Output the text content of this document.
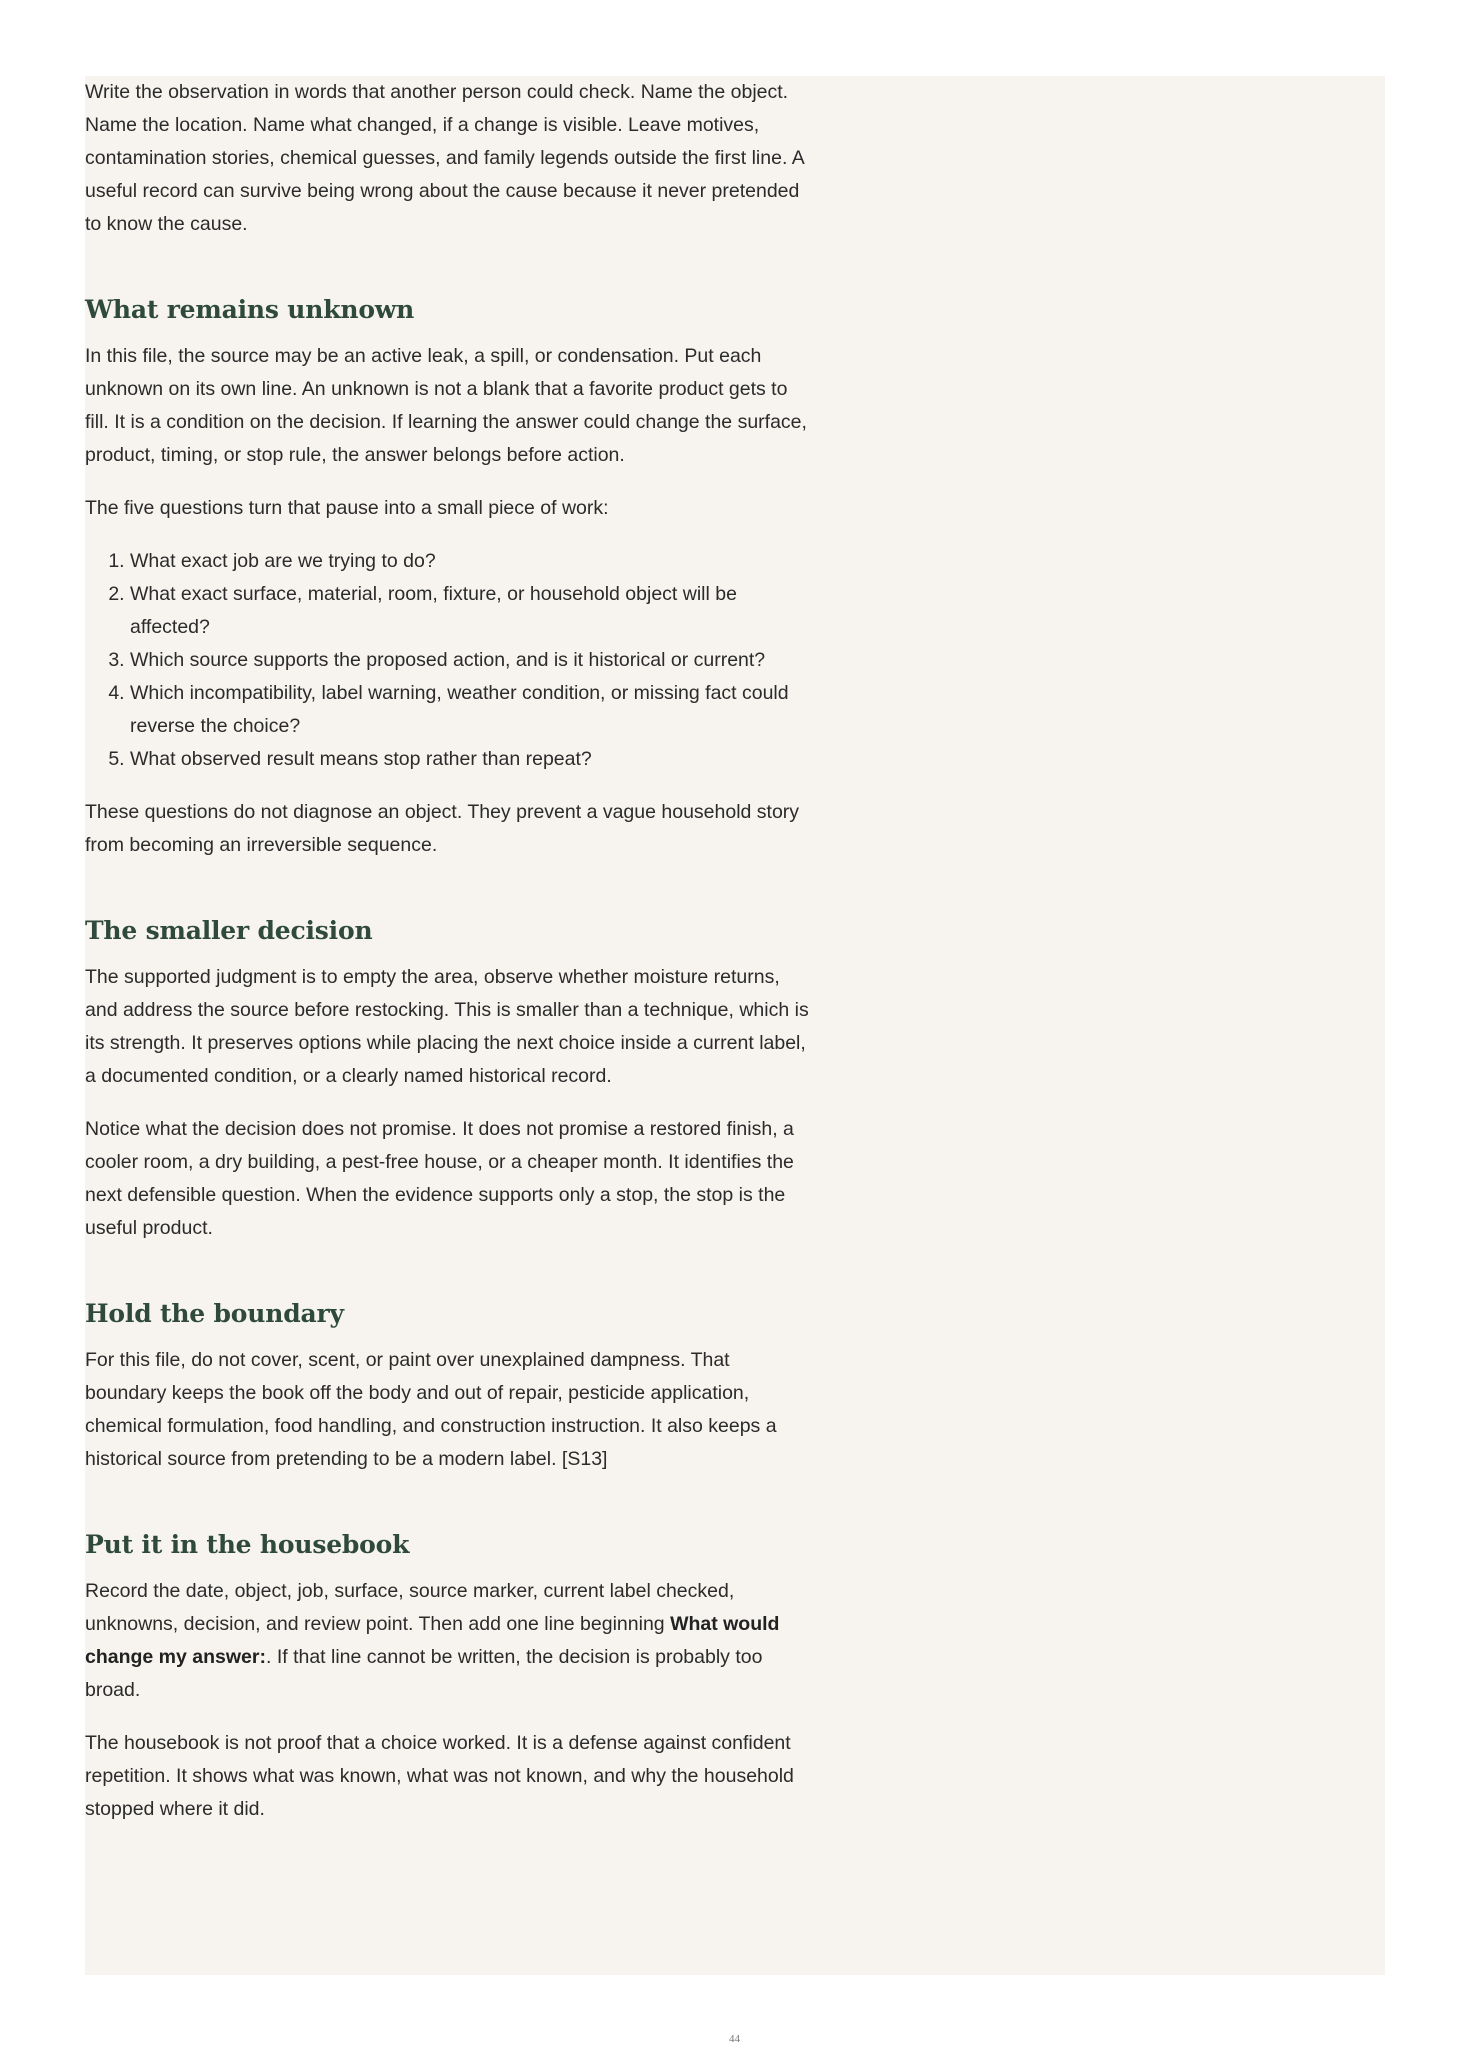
Write the observation in words that another person could check. Name the object. Name the location. Name what changed, if a change is visible. Leave motives, contamination stories, chemical guesses, and family legends outside the first line. A useful record can survive being wrong about the cause because it never pretended to know the cause.

What remains unknown

In this file, the source may be an active leak, a spill, or condensation. Put each unknown on its own line. An unknown is not a blank that a favorite product gets to fill. It is a condition on the decision. If learning the answer could change the surface, product, timing, or stop rule, the answer belongs before action.

The five questions turn that pause into a small piece of work:

1. What exact job are we trying to do?
2. What exact surface, material, room, fixture, or household object will be affected?
3. Which source supports the proposed action, and is it historical or current?
4. Which incompatibility, label warning, weather condition, or missing fact could reverse the choice?
5. What observed result means stop rather than repeat?

These questions do not diagnose an object. They prevent a vague household story from becoming an irreversible sequence.

The smaller decision

The supported judgment is to empty the area, observe whether moisture returns, and address the source before restocking. This is smaller than a technique, which is its strength. It preserves options while placing the next choice inside a current label, a documented condition, or a clearly named historical record.

Notice what the decision does not promise. It does not promise a restored finish, a cooler room, a dry building, a pest-free house, or a cheaper month. It identifies the next defensible question. When the evidence supports only a stop, the stop is the useful product.

Hold the boundary

For this file, do not cover, scent, or paint over unexplained dampness. That boundary keeps the book off the body and out of repair, pesticide application, chemical formulation, food handling, and construction instruction. It also keeps a historical source from pretending to be a modern label. [S13]

Put it in the housebook

Record the date, object, job, surface, source marker, current label checked, unknowns, decision, and review point. Then add one line beginning What would change my answer:. If that line cannot be written, the decision is probably too broad.

The housebook is not proof that a choice worked. It is a defense against confident repetition. It shows what was known, what was not known, and why the household stopped where it did.

44
